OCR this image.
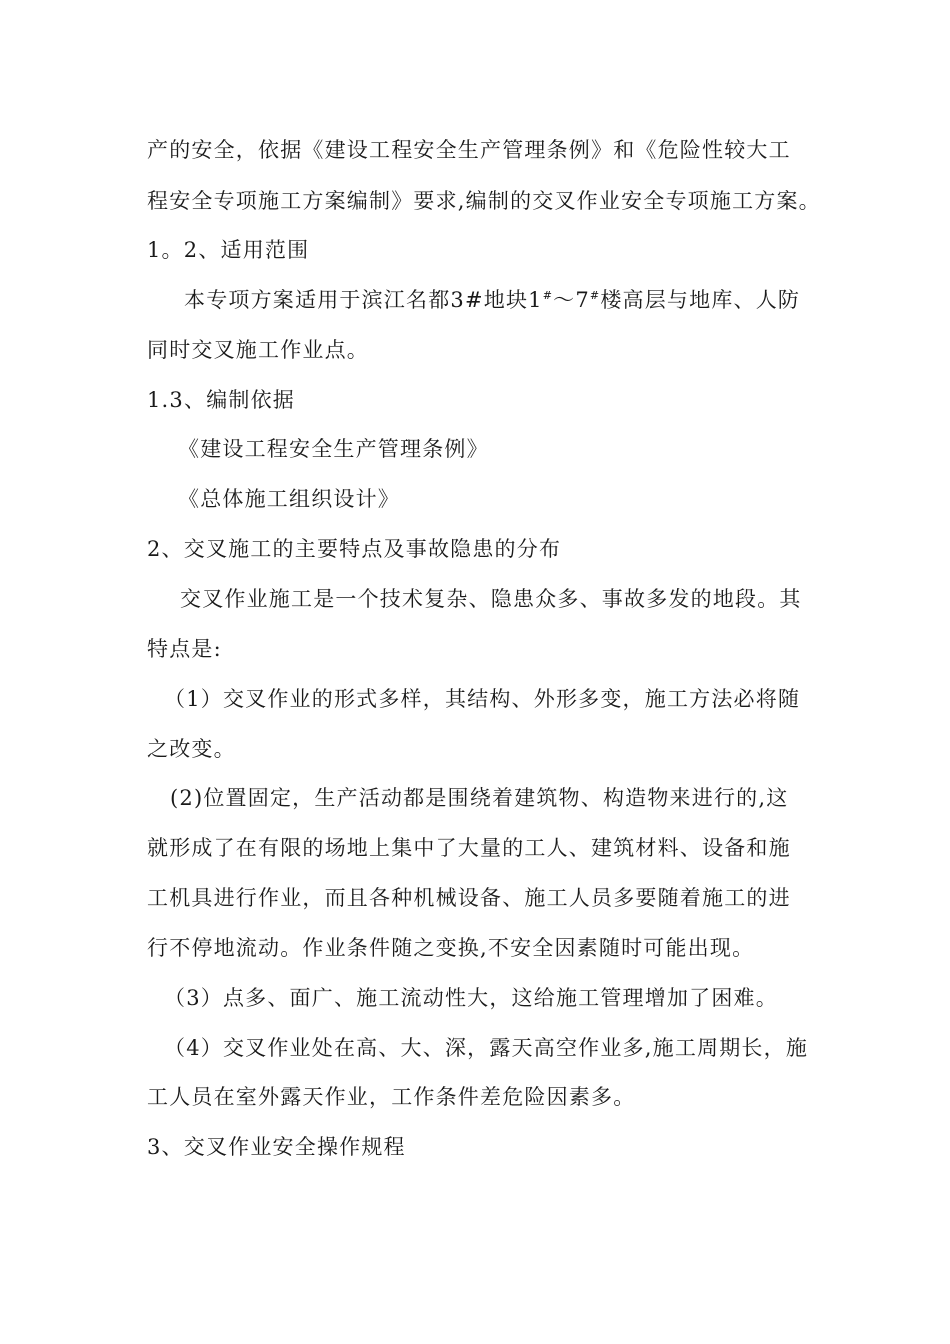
产的安全，依据《建设工程安全生产管理条例》和《危险性较大工
程安全专项施工方案编制》要求,编制的交叉作业安全专项施工方案。
1。2、适用范围
本专项方案适用于滨江名都3#地块1#～7#楼高层与地库、人防
同时交叉施工作业点。
1.3、编制依据
《建设工程安全生产管理条例》
《总体施工组织设计》
2、交叉施工的主要特点及事故隐患的分布
交叉作业施工是一个技术复杂、隐患众多、事故多发的地段。其
特点是:
（1）交叉作业的形式多样，其结构、外形多变，施工方法必将随
之改变。
(2)位置固定，生产活动都是围绕着建筑物、构造物来进行的,这
就形成了在有限的场地上集中了大量的工人、建筑材料、设备和施
工机具进行作业，而且各种机械设备、施工人员多要随着施工的进
行不停地流动。作业条件随之变换,不安全因素随时可能出现。
（3）点多、面广、施工流动性大，这给施工管理增加了困难。
（4）交叉作业处在高、大、深，露天高空作业多,施工周期长，施
工人员在室外露天作业，工作条件差危险因素多。
3、交叉作业安全操作规程
